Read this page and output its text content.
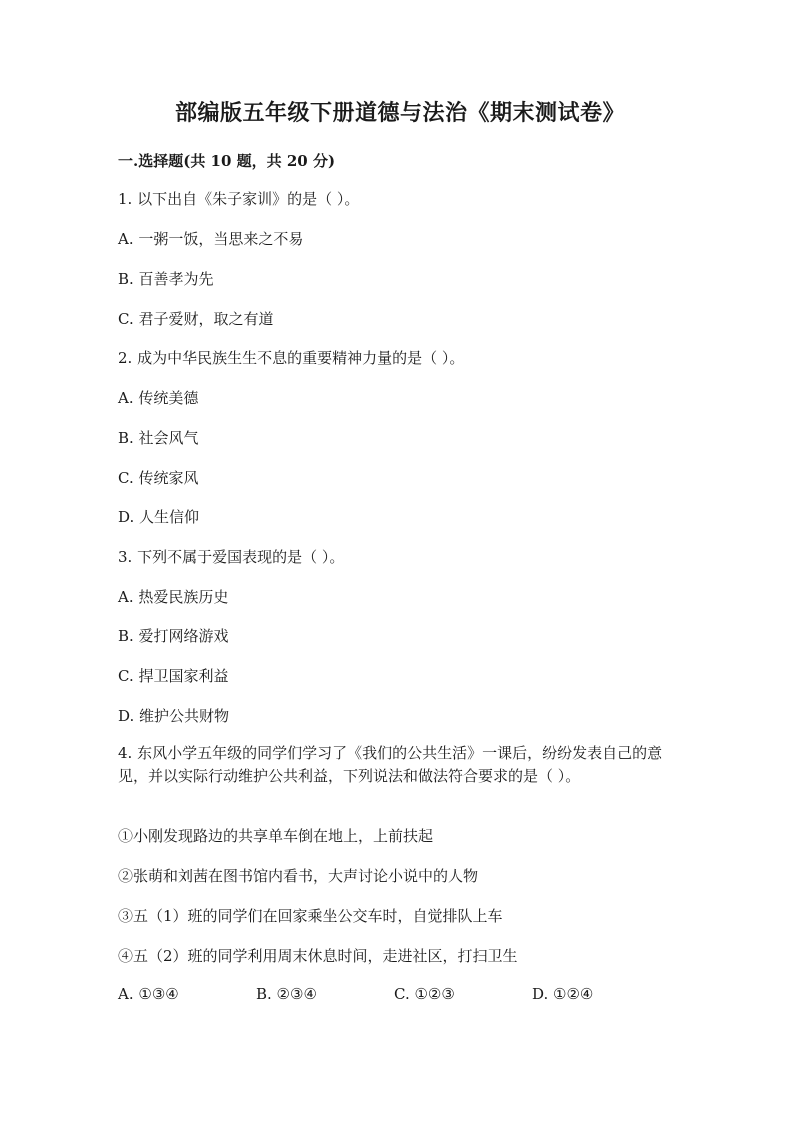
部编版五年级下册道德与法治《期末测试卷》
一.选择题(共 10 题，共 20 分)
1. 以下出自《朱子家训》的是（ ）。
A. 一粥一饭，当思来之不易
B. 百善孝为先
C. 君子爱财，取之有道
2. 成为中华民族生生不息的重要精神力量的是（ ）。
A. 传统美德
B. 社会风气
C. 传统家风
D. 人生信仰
3. 下列不属于爱国表现的是（ ）。
A. 热爱民族历史
B. 爱打网络游戏
C. 捍卫国家利益
D. 维护公共财物
4. 东风小学五年级的同学们学习了《我们的公共生活》一课后，纷纷发表自己的意见，并以实际行动维护公共利益，下列说法和做法符合要求的是（ ）。
①小刚发现路边的共享单车倒在地上，上前扶起
②张萌和刘茜在图书馆内看书，大声讨论小说中的人物
③五（1）班的同学们在回家乘坐公交车时，自觉排队上车
④五（2）班的同学利用周末休息时间，走进社区，打扫卫生
A. ①③④	B. ②③④	C. ①②③	D. ①②④
